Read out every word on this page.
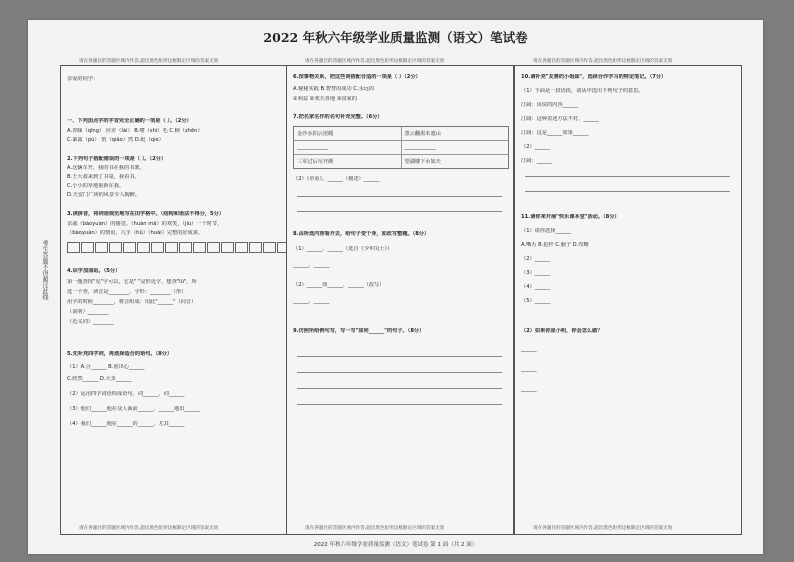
2022 年秋六年级学业质量监测（语文）笔试卷
考生答题不得超过此线
请在各题目的答题区域内作答,超出黑色矩形边框限定区域的答案无效
亲爱的同学：
一、下列加点字的字音完全正确的一项是（ ）。（2分）
A.青睐（qīng） 应差（lái） B.嗜（shì）毛 C.帧（zhēn）
C.暴露（pù） 悄（qiǎo）然 D.纰（qiè）
2.下列句子搭配错误的一项是（ ）。（2分）
A.这辆车开，我的书在我的书架。
B.王大叔来到了书桌，我看书。
C.小小的草地重新在我。
D.天安门广场的风景令人陶醉。
3.读拼音，将词语规范地写在田字格中。（结构和语法不得分，5分）
亲戚（bàoyuàn）的感觉。（huàn mǎ）的欢笑，（jiù）一个时节，
（bàoyuàn）的情谊，几乎（hū）（huài）完整的好成果。
4.识字加油站。（5分）
第一题查找"见"字可以，它是" "是形近字，想查"lū"，所
选一个查，读音是________，字形：________（形）
用字的时候________，将音组成：用此"______"（同音）
（说明）________
（近义词）________
5.先补充四字词，再选择适合的语句。（8分）
（1）A.合______ B.别出心______
C.欣然______ D.大步______
（2）运用四字词语构成语句，词______，词______
（3）他们______他在众人面前______，______地出______
（4）我们______地在______的______，尤其______
请在各题目的答题区域内作答,超出黑色矩形边框限定区域的答案无效
请在各题目的答题区域内作答,超出黑色矩形边框限定区域的答案无效
6.按事物关系，把这些词搭配合适的一项是（ ）（2分）
A.秘秘实践 B.智慧的成功 C.永远的
①利益 ②欢天喜地 ③国家的
7.把名家名作的名句补充完整。（6分）
金沙水拍云崖暖	黑云翻墨未遮山
____________	____________
三军过后尽开颜	望湖楼下水如天
（2）《草原》，______（描述）______
8.由所选内容看开去，给句子变个身，如改写整题。（8分）
（1）______，______（选自《少年闰土》）
______，______
（2）______如______，______（改写）
______，______
9.仿照所给例句写，写一写"如同______"的句子。（8分）
请在各题目的答题区域内作答,超出黑色矩形边框限定区域的答案无效
请在各题目的答题区域内作答,超出黑色矩形边框限定区域的答案无效
10.请补充"友善的小姐妹"，选择合作学习的特定笔记。（7分）
（1）下面是一段语段，请从中选出下列句子的意思。
江阔：该说的内容______
江阔：这种表述方法不对，______
江阔：这是______如果______
（2）______
江阔：______
11.请你来开展"快乐课本堂"活动。（8分）
（1）请你选择______
A.嘴舌 B.抢杆 C.脑子 D.攻略
（2）______
（3）______
（4）______
（5）______
（2）如果你是小明，你会怎么做？
______
______
______
请在各题目的答题区域内作答,超出黑色矩形边框限定区域的答案无效
2022 年秋六年级学业质量监测（语文）笔试卷 第 1 面（共 2 面）
